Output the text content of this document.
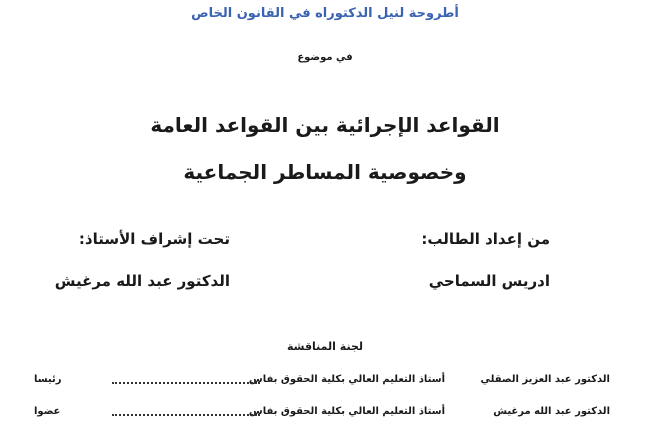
أطروحة لنيل الدكتوراه في القانون الخاص
في موضوع
القواعد الإجرائية بين القواعد العامة
وخصوصية المساطر الجماعية
من إعداد الطالب:
تحت إشراف الأستاذ:
ادريس السماحي
الدكتور عبد الله مرغيش
لجنة المناقشة
الدكتور عبد العزيز الصقلي
أستاذ التعليم العالي بكلية الحقوق بفاس
رئيسا
الدكتور عبد الله مرغيش
أستاذ التعليم العالي بكلية الحقوق بفاس
عضوا
